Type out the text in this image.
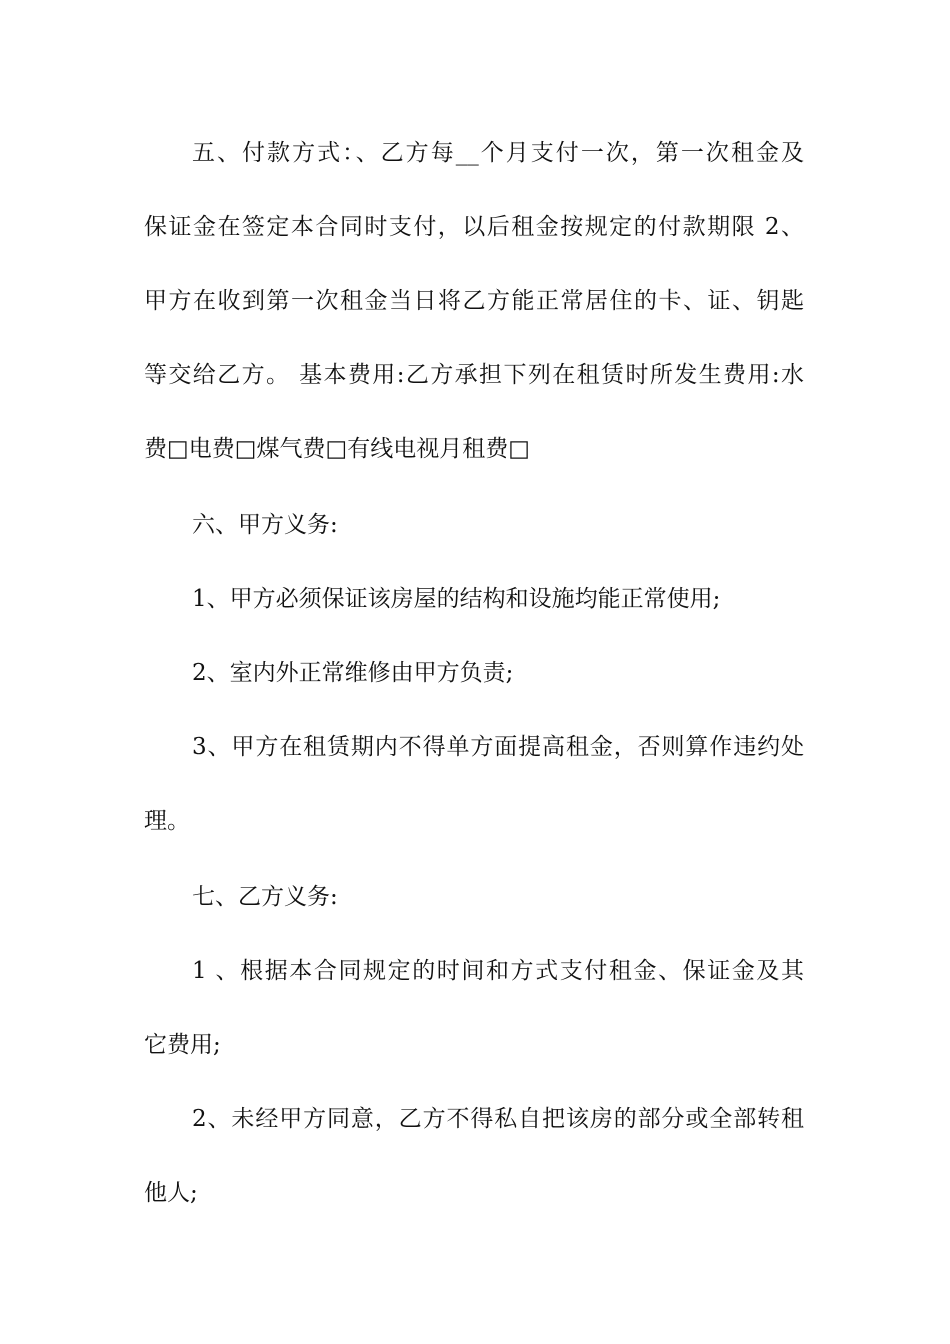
五、付款方式：、乙方每__个月支付一次，第一次租金及
保证金在签定本合同时支付，以后租金按规定的付款期限 2、
甲方在收到第一次租金当日将乙方能正常居住的卡、证、钥匙
等交给乙方。 基本费用:乙方承担下列在租赁时所发生费用:水
费□电费□煤气费□有线电视月租费□
六、甲方义务:
1、甲方必须保证该房屋的结构和设施均能正常使用;
2、室内外正常维修由甲方负责;
3、甲方在租赁期内不得单方面提高租金，否则算作违约处
理。
七、乙方义务:
1 、根据本合同规定的时间和方式支付租金、保证金及其
它费用;
2、未经甲方同意，乙方不得私自把该房的部分或全部转租
他人;
